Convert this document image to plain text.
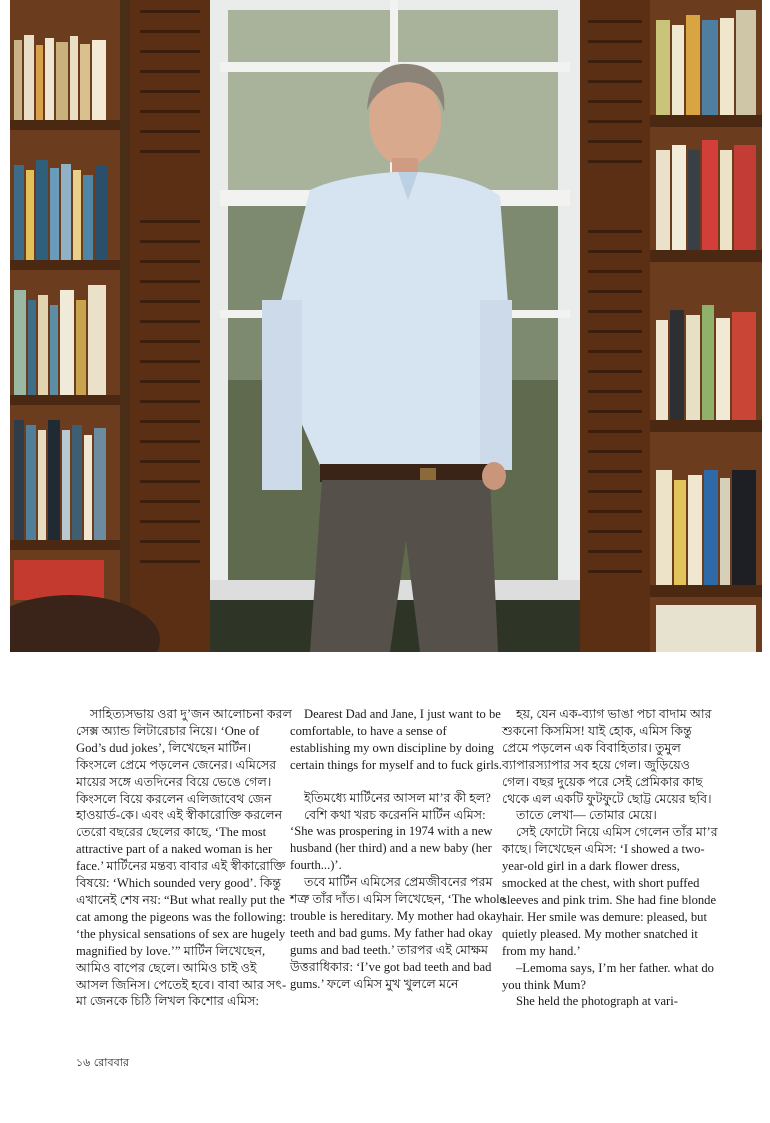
সাহিত্যসভায় ওরা দু’জন আলোচনা করল সেক্স অ্যান্ড লিটারেচার নিয়ে। ‘One of God’s dud jokes’, লিখেছেন মার্টিন। কিংসলে প্রেমে পড়লেন জেনের। এমিসের মায়ের সঙ্গে এতদিনের বিয়ে ভেঙে গেল। কিংসলে বিয়ে করলেন এলিজাবেথ জেন হাওয়ার্ড-কে। এবং এই স্বীকারোক্তি করলেন তেরো বছরের ছেলের কাছে, ‘The most attractive part of a naked woman is her face.’ মার্টিনের মন্তব্য বাবার এই স্বীকারোক্তি বিষয়ে: ‘Which sounded very good’. কিন্তু এখানেই শেষ নয়: “But what really put the cat among the pigeons was the following: ‘the physical sensations of sex are hugely magnified by love.’” মার্টিন লিখেছেন, আমিও বাপের ছেলে। আমিও চাই ওই আসল জিনিস। পেতেই হবে। বাবা আর সৎ-মা জেনকে চিঠি লিখল কিশোর এমিস:

Dearest Dad and Jane, I just want to be comfortable, to have a sense of establishing my own discipline by doing certain things for myself and to fuck girls.

ইতিমধ্যে মার্টিনের আসল মা’র কী হল?

বেশি কথা খরচ করেননি মার্টিন এমিস: ‘She was prospering in 1974 with a new husband (her third) and a new baby (her fourth...)’.

তবে মার্টিন এমিসের প্রেমজীবনের পরম শত্রু তাঁর দাঁত। এমিস লিখেছেন, ‘The whole trouble is hereditary. My mother had okay teeth and bad gums. My father had okay gums and bad teeth.’ তারপর এই মোক্ষম উত্তরাধিকার: ‘I’ve got bad teeth and bad gums.’ ফলে এমিস মুখ খুললে মনে

হয়, যেন এক-ব্যাগ ভাঙা পচা বাদাম আর শুকনো কিসমিস! যাই হোক, এমিস কিন্তু প্রেমে পড়লেন এক বিবাহিতার। তুমুল ব্যাপারস্যাপার সব হয়ে গেল। জুড়িয়েও গেল। বছর দুয়েক পরে সেই প্রেমিকার কাছ থেকে এল একটি ফুটফুটে ছোট্ট মেয়ের ছবি।

তাতে লেখা— তোমার মেয়ে।

সেই ফোটো নিয়ে এমিস গেলেন তাঁর মা’র কাছে। লিখেছেন এমিস: ‘I showed a two-year-old girl in a dark flower dress, smocked at the chest, with short puffed sleeves and pink trim. She had fine blonde hair. Her smile was demure: pleased, but quietly pleased. My mother snatched it from my hand.’

–Lemoma says, I’m her father. what do you think Mum?

She held the photograph at vari-

১৬ রোববার
